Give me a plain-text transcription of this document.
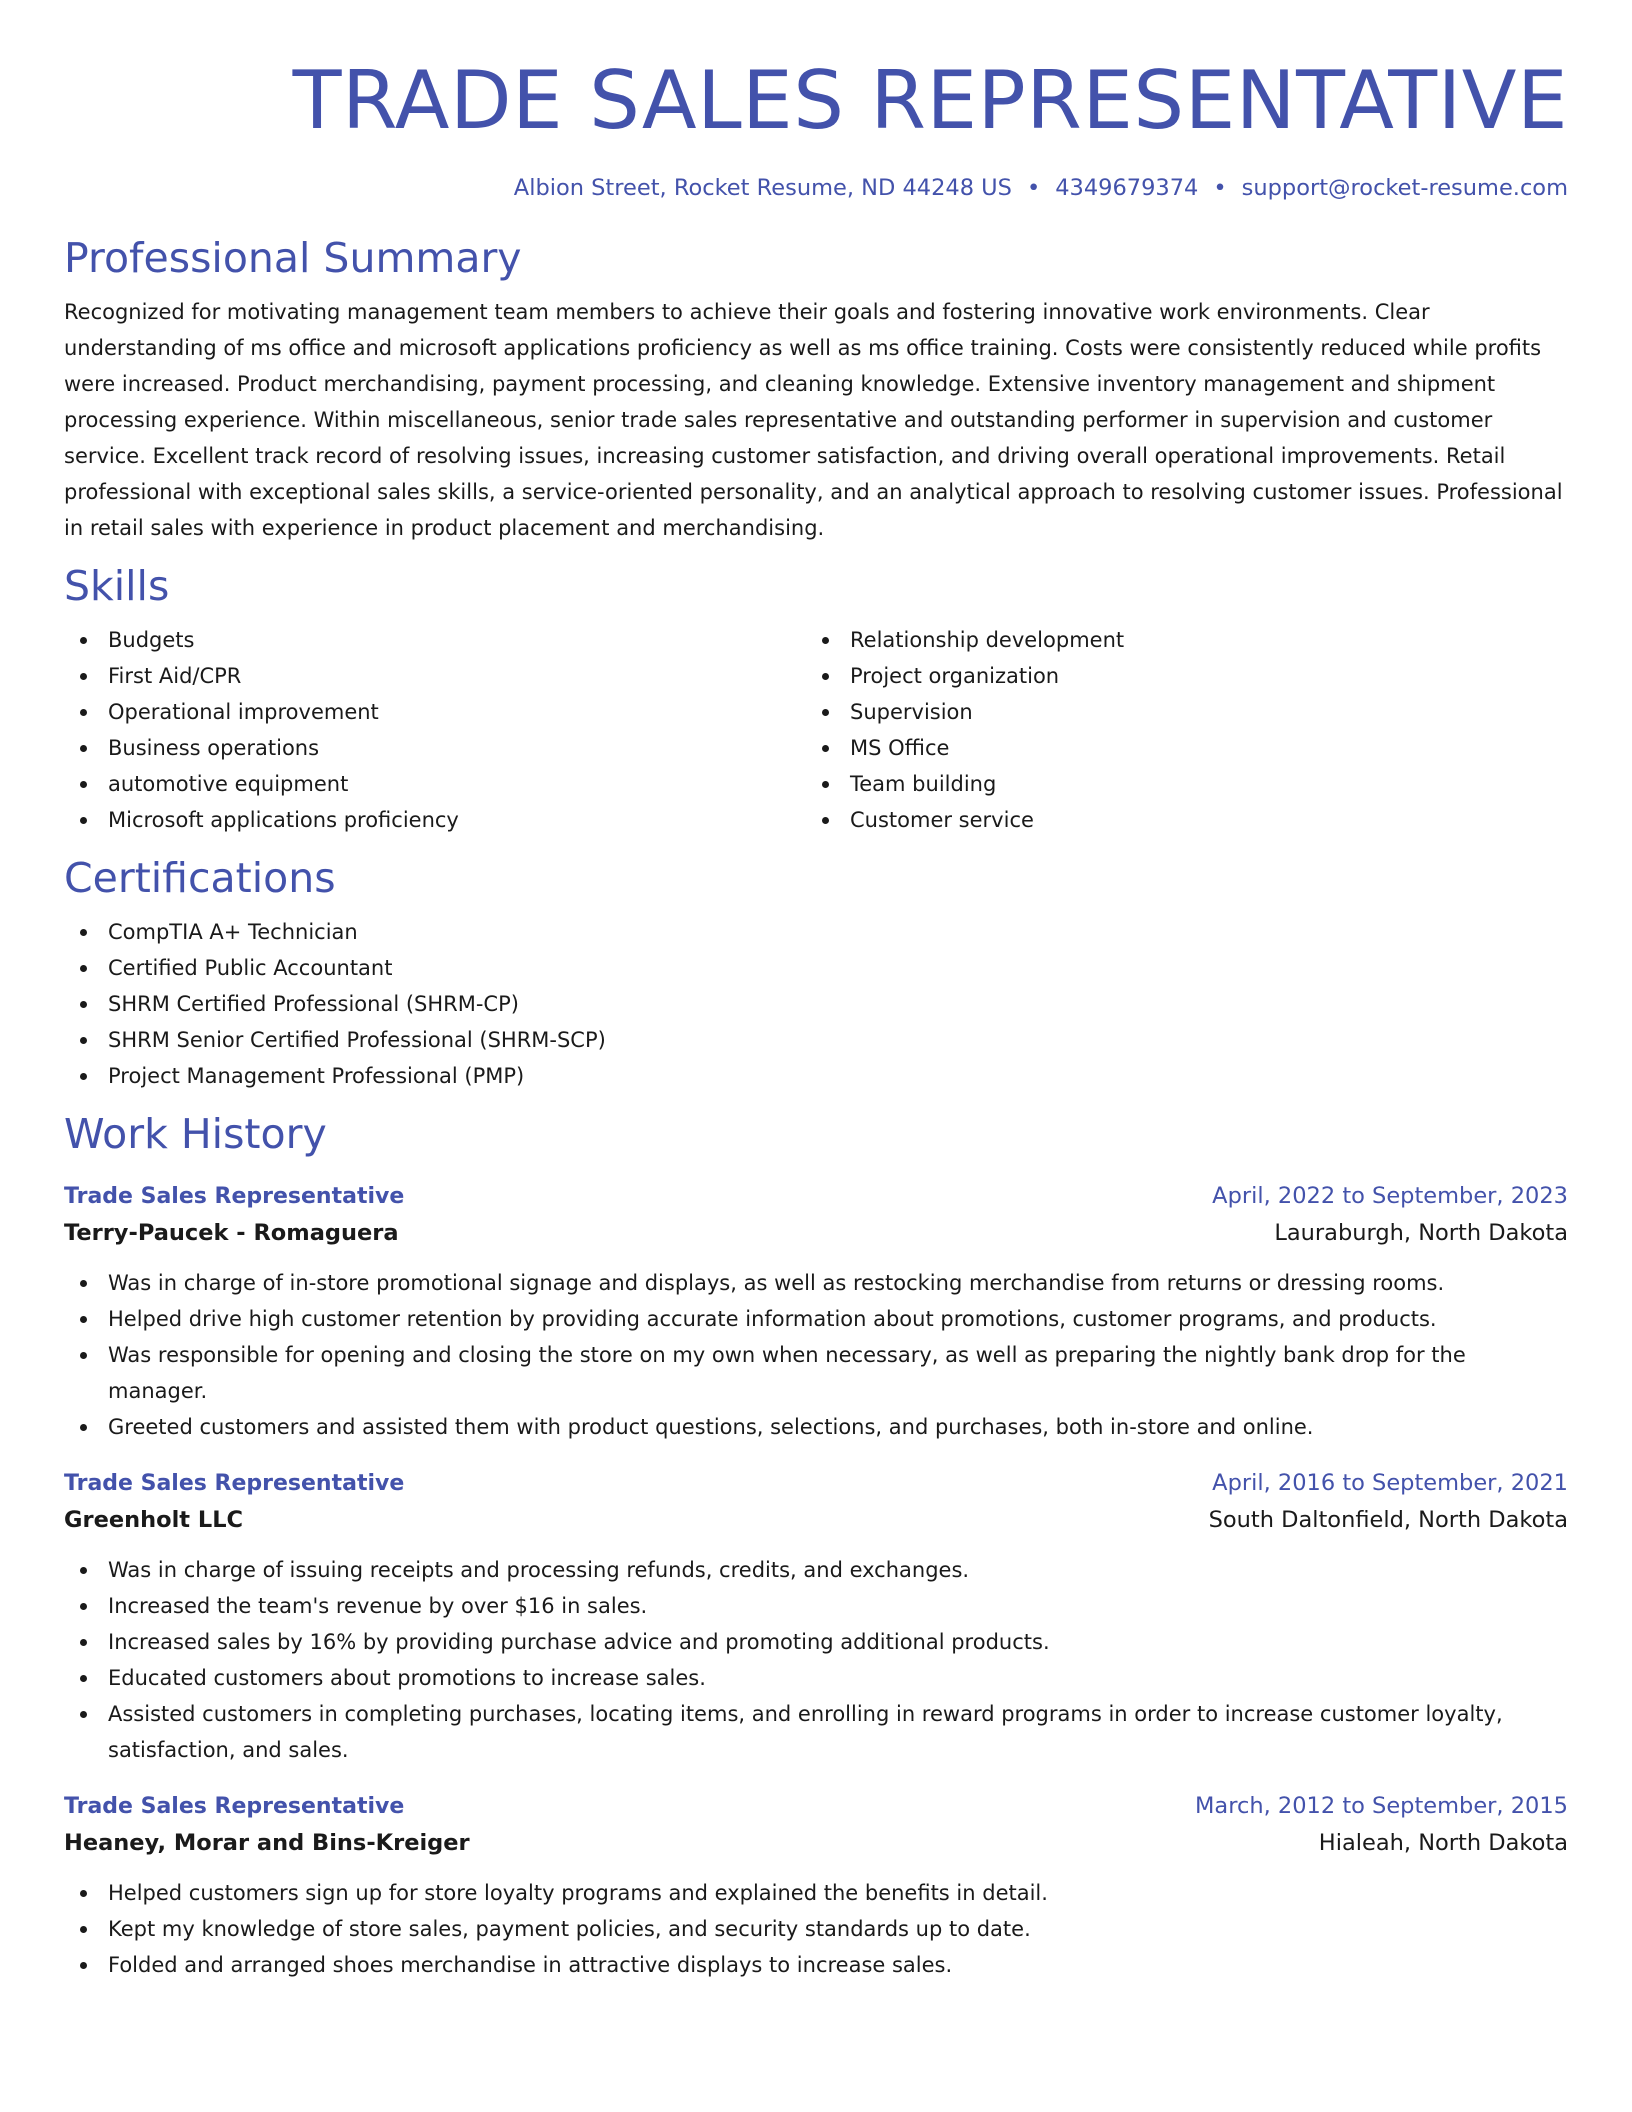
TRADE SALES REPRESENTATIVE
Albion Street, Rocket Resume, ND 44248 US • 4349679374 • support@rocket-resume.com
Professional Summary
Recognized for motivating management team members to achieve their goals and fostering innovative work environments. Clear understanding of ms office and microsoft applications proficiency as well as ms office training. Costs were consistently reduced while profits were increased. Product merchandising, payment processing, and cleaning knowledge. Extensive inventory management and shipment processing experience. Within miscellaneous, senior trade sales representative and outstanding performer in supervision and customer service. Excellent track record of resolving issues, increasing customer satisfaction, and driving overall operational improvements. Retail professional with exceptional sales skills, a service-oriented personality, and an analytical approach to resolving customer issues. Professional in retail sales with experience in product placement and merchandising.
Skills
Budgets
First Aid/CPR
Operational improvement
Business operations
automotive equipment
Microsoft applications proficiency
Relationship development
Project organization
Supervision
MS Office
Team building
Customer service
Certifications
CompTIA A+ Technician
Certified Public Accountant
SHRM Certified Professional (SHRM-CP)
SHRM Senior Certified Professional (SHRM-SCP)
Project Management Professional (PMP)
Work History
Trade Sales Representative	April, 2022 to September, 2023
Terry-Paucek - Romaguera	Lauraburgh, North Dakota
Was in charge of in-store promotional signage and displays, as well as restocking merchandise from returns or dressing rooms.
Helped drive high customer retention by providing accurate information about promotions, customer programs, and products.
Was responsible for opening and closing the store on my own when necessary, as well as preparing the nightly bank drop for the manager.
Greeted customers and assisted them with product questions, selections, and purchases, both in-store and online.
Trade Sales Representative	April, 2016 to September, 2021
Greenholt LLC	South Daltonfield, North Dakota
Was in charge of issuing receipts and processing refunds, credits, and exchanges.
Increased the team's revenue by over $16 in sales.
Increased sales by 16% by providing purchase advice and promoting additional products.
Educated customers about promotions to increase sales.
Assisted customers in completing purchases, locating items, and enrolling in reward programs in order to increase customer loyalty, satisfaction, and sales.
Trade Sales Representative	March, 2012 to September, 2015
Heaney, Morar and Bins-Kreiger	Hialeah, North Dakota
Helped customers sign up for store loyalty programs and explained the benefits in detail.
Kept my knowledge of store sales, payment policies, and security standards up to date.
Folded and arranged shoes merchandise in attractive displays to increase sales.
